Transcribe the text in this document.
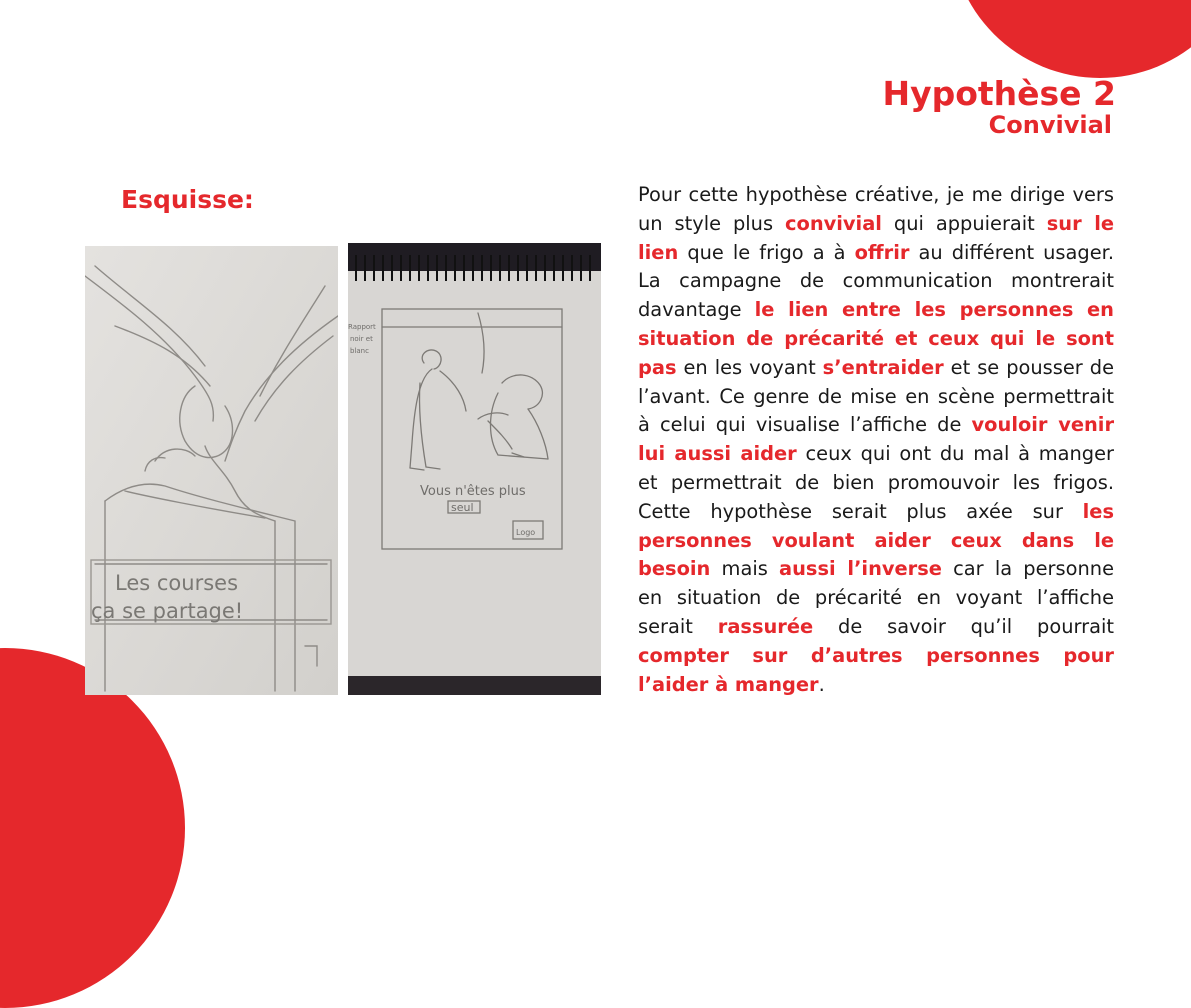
Hypothèse 2
Convivial
Esquisse:
Les courses
ça se partage!
Rapport
noir et
blanc
Vous n'êtes plus
seul
Logo

Pour cette hypothèse créative, je me dirige vers un style plus convivial qui appuierait sur le lien que le frigo a à offrir au différent usager. La campagne de communication montrerait davantage le lien entre les personnes en situation de précarité et ceux qui le sont pas en les voyant s’entraider et se pousser de l’avant. Ce genre de mise en scène permettrait à celui qui visualise l’affiche de vouloir venir lui aussi aider ceux qui ont du mal à manger et permettrait de bien promouvoir les frigos. Cette hypothèse serait plus axée sur les personnes voulant aider ceux dans le besoin mais aussi l’inverse car la personne en situation de précarité en voyant l’affiche serait rassurée de savoir qu’il pourrait compter sur d’autres personnes pour l’aider à manger.
